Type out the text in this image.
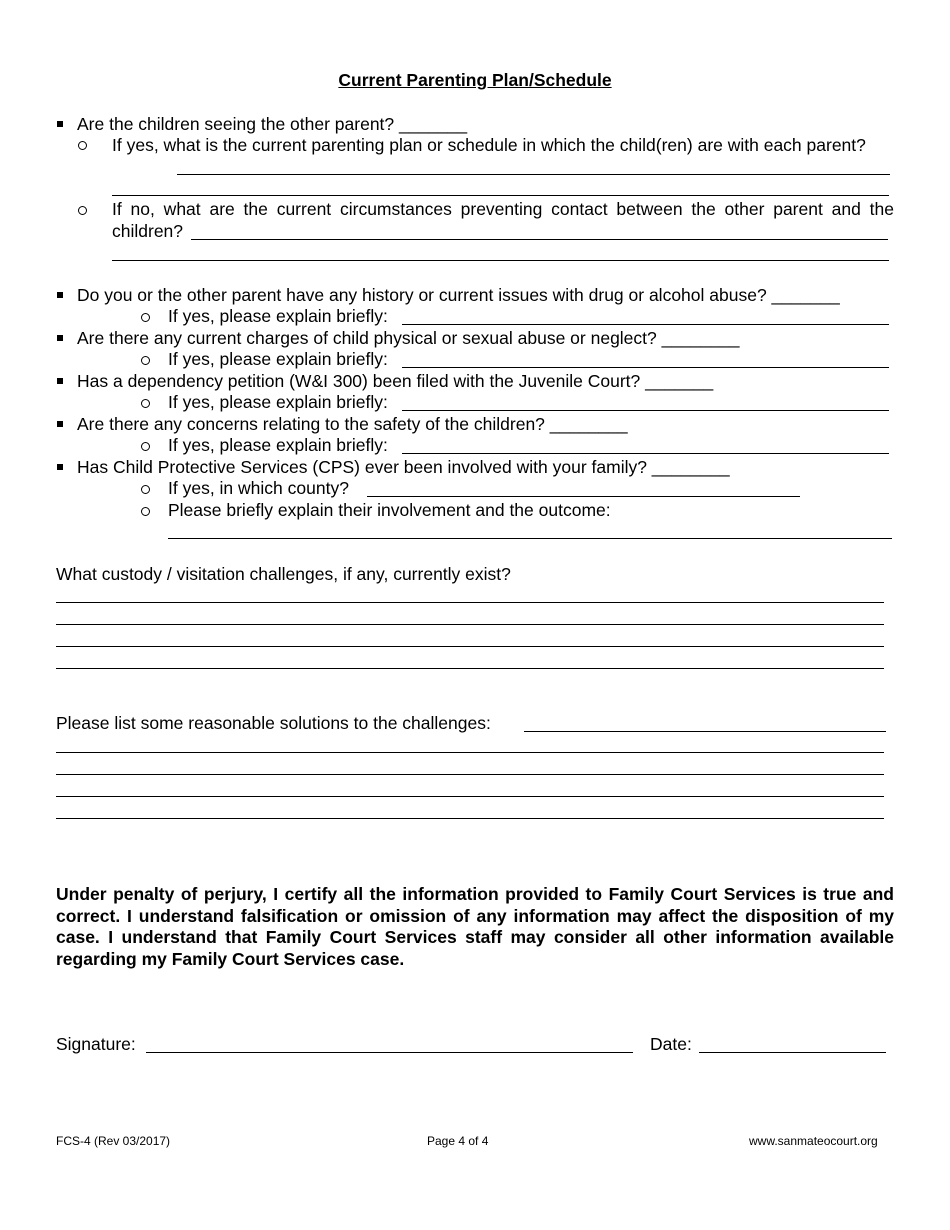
Current Parenting Plan/Schedule
Are the children seeing the other parent? _______
If yes, what is the current parenting plan or schedule in which the child(ren) are with each parent?
If no, what are the current circumstances preventing contact between the other parent and the children?
Do you or the other parent have any history or current issues with drug or alcohol abuse? _______
If yes, please explain briefly:
Are there any current charges of child physical or sexual abuse or neglect? ________
If yes, please explain briefly:
Has a dependency petition (W&I 300) been filed with the Juvenile Court? _______
If yes, please explain briefly:
Are there any concerns relating to the safety of the children? ________
If yes, please explain briefly:
Has Child Protective Services (CPS) ever been involved with your family? ________
If yes, in which county?
Please briefly explain their involvement and the outcome:
What custody / visitation challenges, if any, currently exist?
Please list some reasonable solutions to the challenges:
Under penalty of perjury, I certify all the information provided to Family Court Services is true and correct. I understand falsification or omission of any information may affect the disposition of my case. I understand that Family Court Services staff may consider all other information available regarding my Family Court Services case.
Signature:	Date:
FCS-4 (Rev 03/2017)	Page 4 of 4	www.sanmateocourt.org
